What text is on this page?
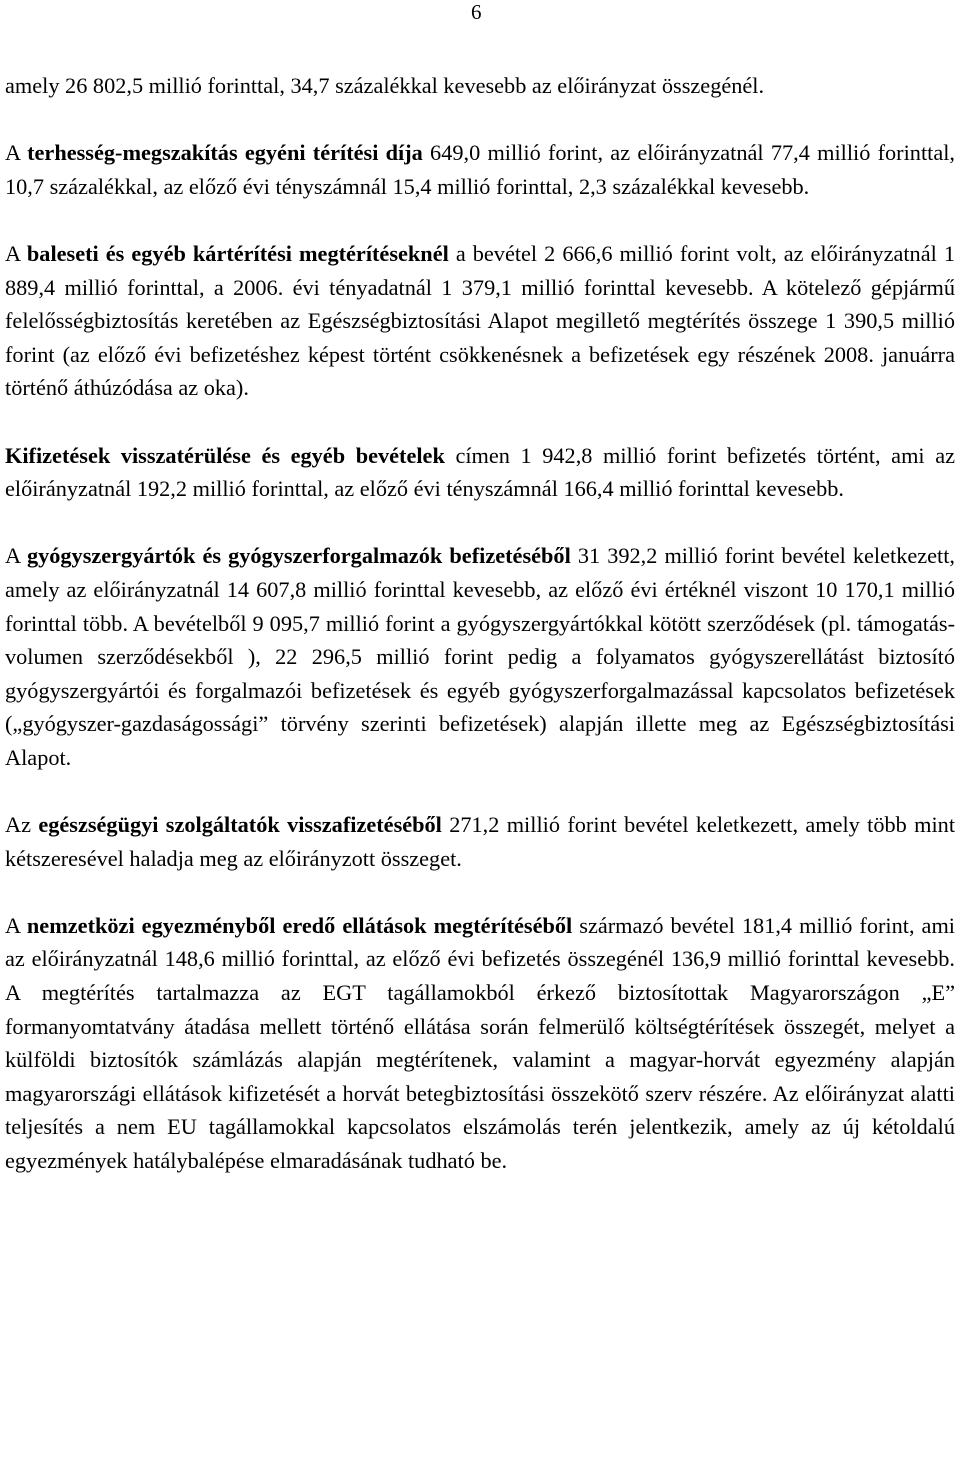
6

amely 26 802,5 millió forinttal, 34,7 százalékkal kevesebb az előirányzat összegénél.

A terhesség-megszakítás egyéni térítési díja 649,0 millió forint, az előirányzatnál 77,4 millió forinttal, 10,7 százalékkal, az előző évi tényszámnál 15,4 millió forinttal, 2,3 százalékkal kevesebb.

A baleseti és egyéb kártérítési megtérítéseknél a bevétel 2 666,6 millió forint volt, az előirányzatnál 1 889,4 millió forinttal, a 2006. évi tényadatnál 1 379,1 millió forinttal kevesebb. A kötelező gépjármű felelősségbiztosítás keretében az Egészségbiztosítási Alapot megillető megtérítés összege 1 390,5 millió forint (az előző évi befizetéshez képest történt csökkenésnek a befizetések egy részének 2008. januárra történő áthúzódása az oka).

Kifizetések visszatérülése és egyéb bevételek címen 1 942,8 millió forint befizetés történt, ami az előirányzatnál 192,2 millió forinttal, az előző évi tényszámnál 166,4 millió forinttal kevesebb.

A gyógyszergyártók és gyógyszerforgalmazók befizetéséből 31 392,2 millió forint bevétel keletkezett, amely az előirányzatnál 14 607,8 millió forinttal kevesebb, az előző évi értéknél viszont 10 170,1 millió forinttal több. A bevételből 9 095,7 millió forint a gyógyszergyártókkal kötött szerződések (pl. támogatás-volumen szerződésekből ), 22 296,5 millió forint pedig a folyamatos gyógyszerellátást biztosító gyógyszergyártói és forgalmazói befizetések és egyéb gyógyszerforgalmazással kapcsolatos befizetések („gyógyszer-gazdaságossági” törvény szerinti befizetések) alapján illette meg az Egészségbiztosítási Alapot.

Az egészségügyi szolgáltatók visszafizetéséből 271,2 millió forint bevétel keletkezett, amely több mint kétszeresével haladja meg az előirányzott összeget.

A nemzetközi egyezményből eredő ellátások megtérítéséből származó bevétel 181,4 millió forint, ami az előirányzatnál 148,6 millió forinttal, az előző évi befizetés összegénél 136,9 millió forinttal kevesebb. A megtérítés tartalmazza az EGT tagállamokból érkező biztosítottak Magyarországon „E” formanyomtatvány átadása mellett történő ellátása során felmerülő költségtérítések összegét, melyet a külföldi biztosítók számlázás alapján megtérítenek, valamint a magyar-horvát egyezmény alapján magyarországi ellátások kifizetését a horvát betegbiztosítási összekötő szerv részére. Az előirányzat alatti teljesítés a nem EU tagállamokkal kapcsolatos elszámolás terén jelentkezik, amely az új kétoldalú egyezmények hatálybalépése elmaradásának tudható be.
